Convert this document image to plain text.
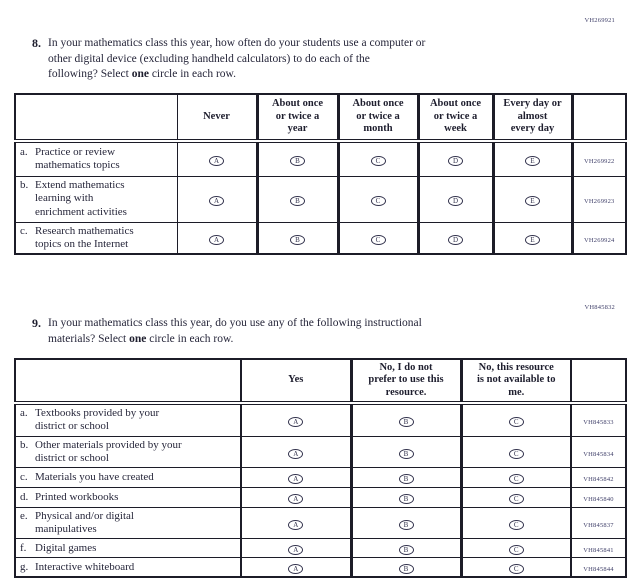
VH269921
8. In your mathematics class this year, how often do your students use a computer or
other digital device (excluding handheld calculators) to do each of the
following? Select one circle in each row.
	Never	About once
or twice a
year	About once
or twice a
month	About once
or twice a
week	Every day or
almost
every day	

a. Practice or review
mathematics topics	A	B	C	D	E	VH269922

b. Extend mathematics
learning with
enrichment activities	A	B	C	D	E	VH269923

c. Research mathematics
topics on the Internet	A	B	C	D	E	VH269924
VH845832
9. In your mathematics class this year, do you use any of the following instructional
materials? Select one circle in each row.
	Yes	No, I do not
prefer to use this
resource.	No, this resource
is not available to
me.	

a. Textbooks provided by your
district or school	A	B	C	VH845833

b. Other materials provided by your
district or school	A	B	C	VH845834

c. Materials you have created	A	B	C	VH845842

d. Printed workbooks	A	B	C	VH845840

e. Physical and/or digital
manipulatives	A	B	C	VH845837

f. Digital games	A	B	C	VH845841

g. Interactive whiteboard	A	B	C	VH845844
